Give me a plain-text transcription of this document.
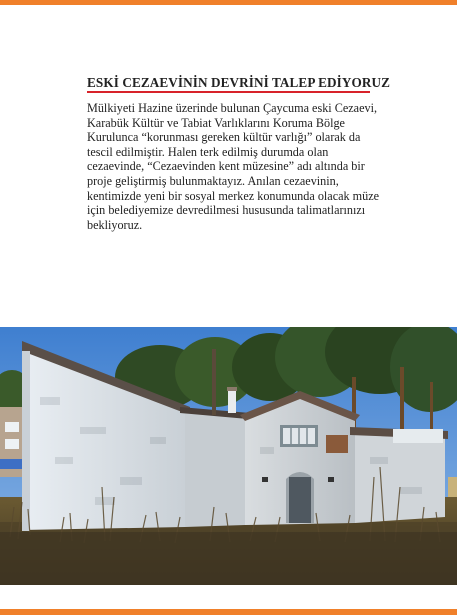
ESKİ CEZAEVİNİN DEVRİNİ TALEP EDİYORUZ

Mülkiyeti Hazine üzerinde bulunan Çaycuma eski Cezaevi,
Karabük Kültür ve Tabiat Varlıklarını Koruma Bölge
Kurulunca “korunması gereken kültür varlığı” olarak da
tescil edilmiştir. Halen terk edilmiş durumda olan
cezaevinde, “Cezaevinden kent müzesine” adı altında bir
proje geliştirmiş bulunmaktayız. Anılan cezaevinin,
kentimizde yeni bir sosyal merkez konumunda olacak müze
için belediyemize devredilmesi hususunda talimatlarınızı
bekliyoruz.
